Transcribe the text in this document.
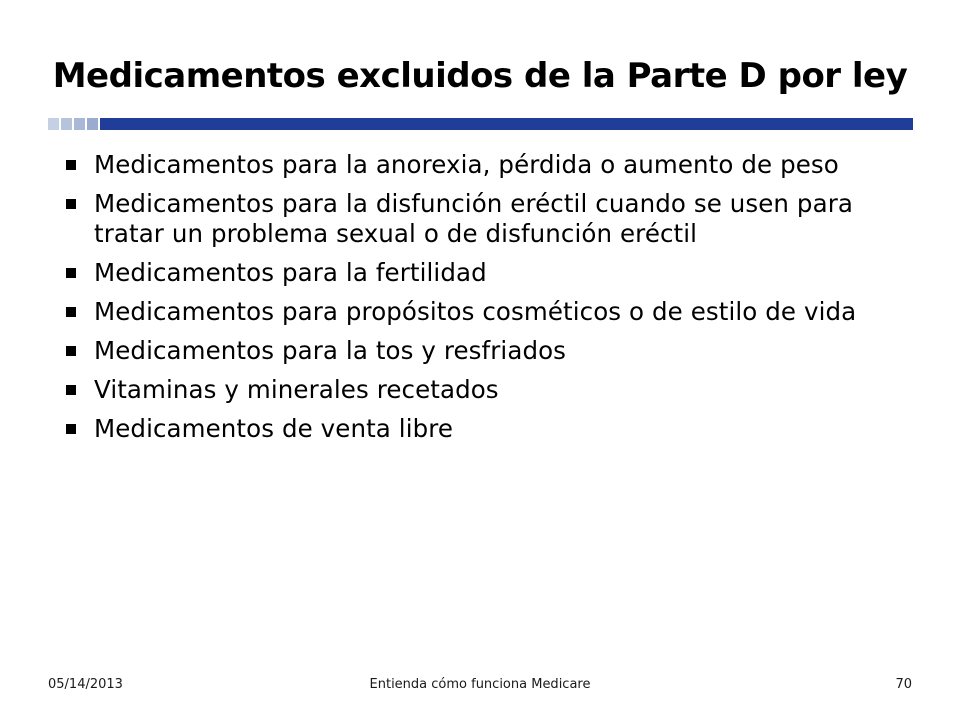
Medicamentos excluidos de la Parte D por ley
Medicamentos para la anorexia, pérdida o aumento de peso
Medicamentos para la disfunción eréctil cuando se usen para tratar un problema sexual o de disfunción eréctil
Medicamentos para la fertilidad
Medicamentos para propósitos cosméticos o de estilo de vida
Medicamentos para la tos y resfriados
Vitaminas y minerales recetados
Medicamentos de venta libre
05/14/2013	Entienda cómo funciona Medicare	70
